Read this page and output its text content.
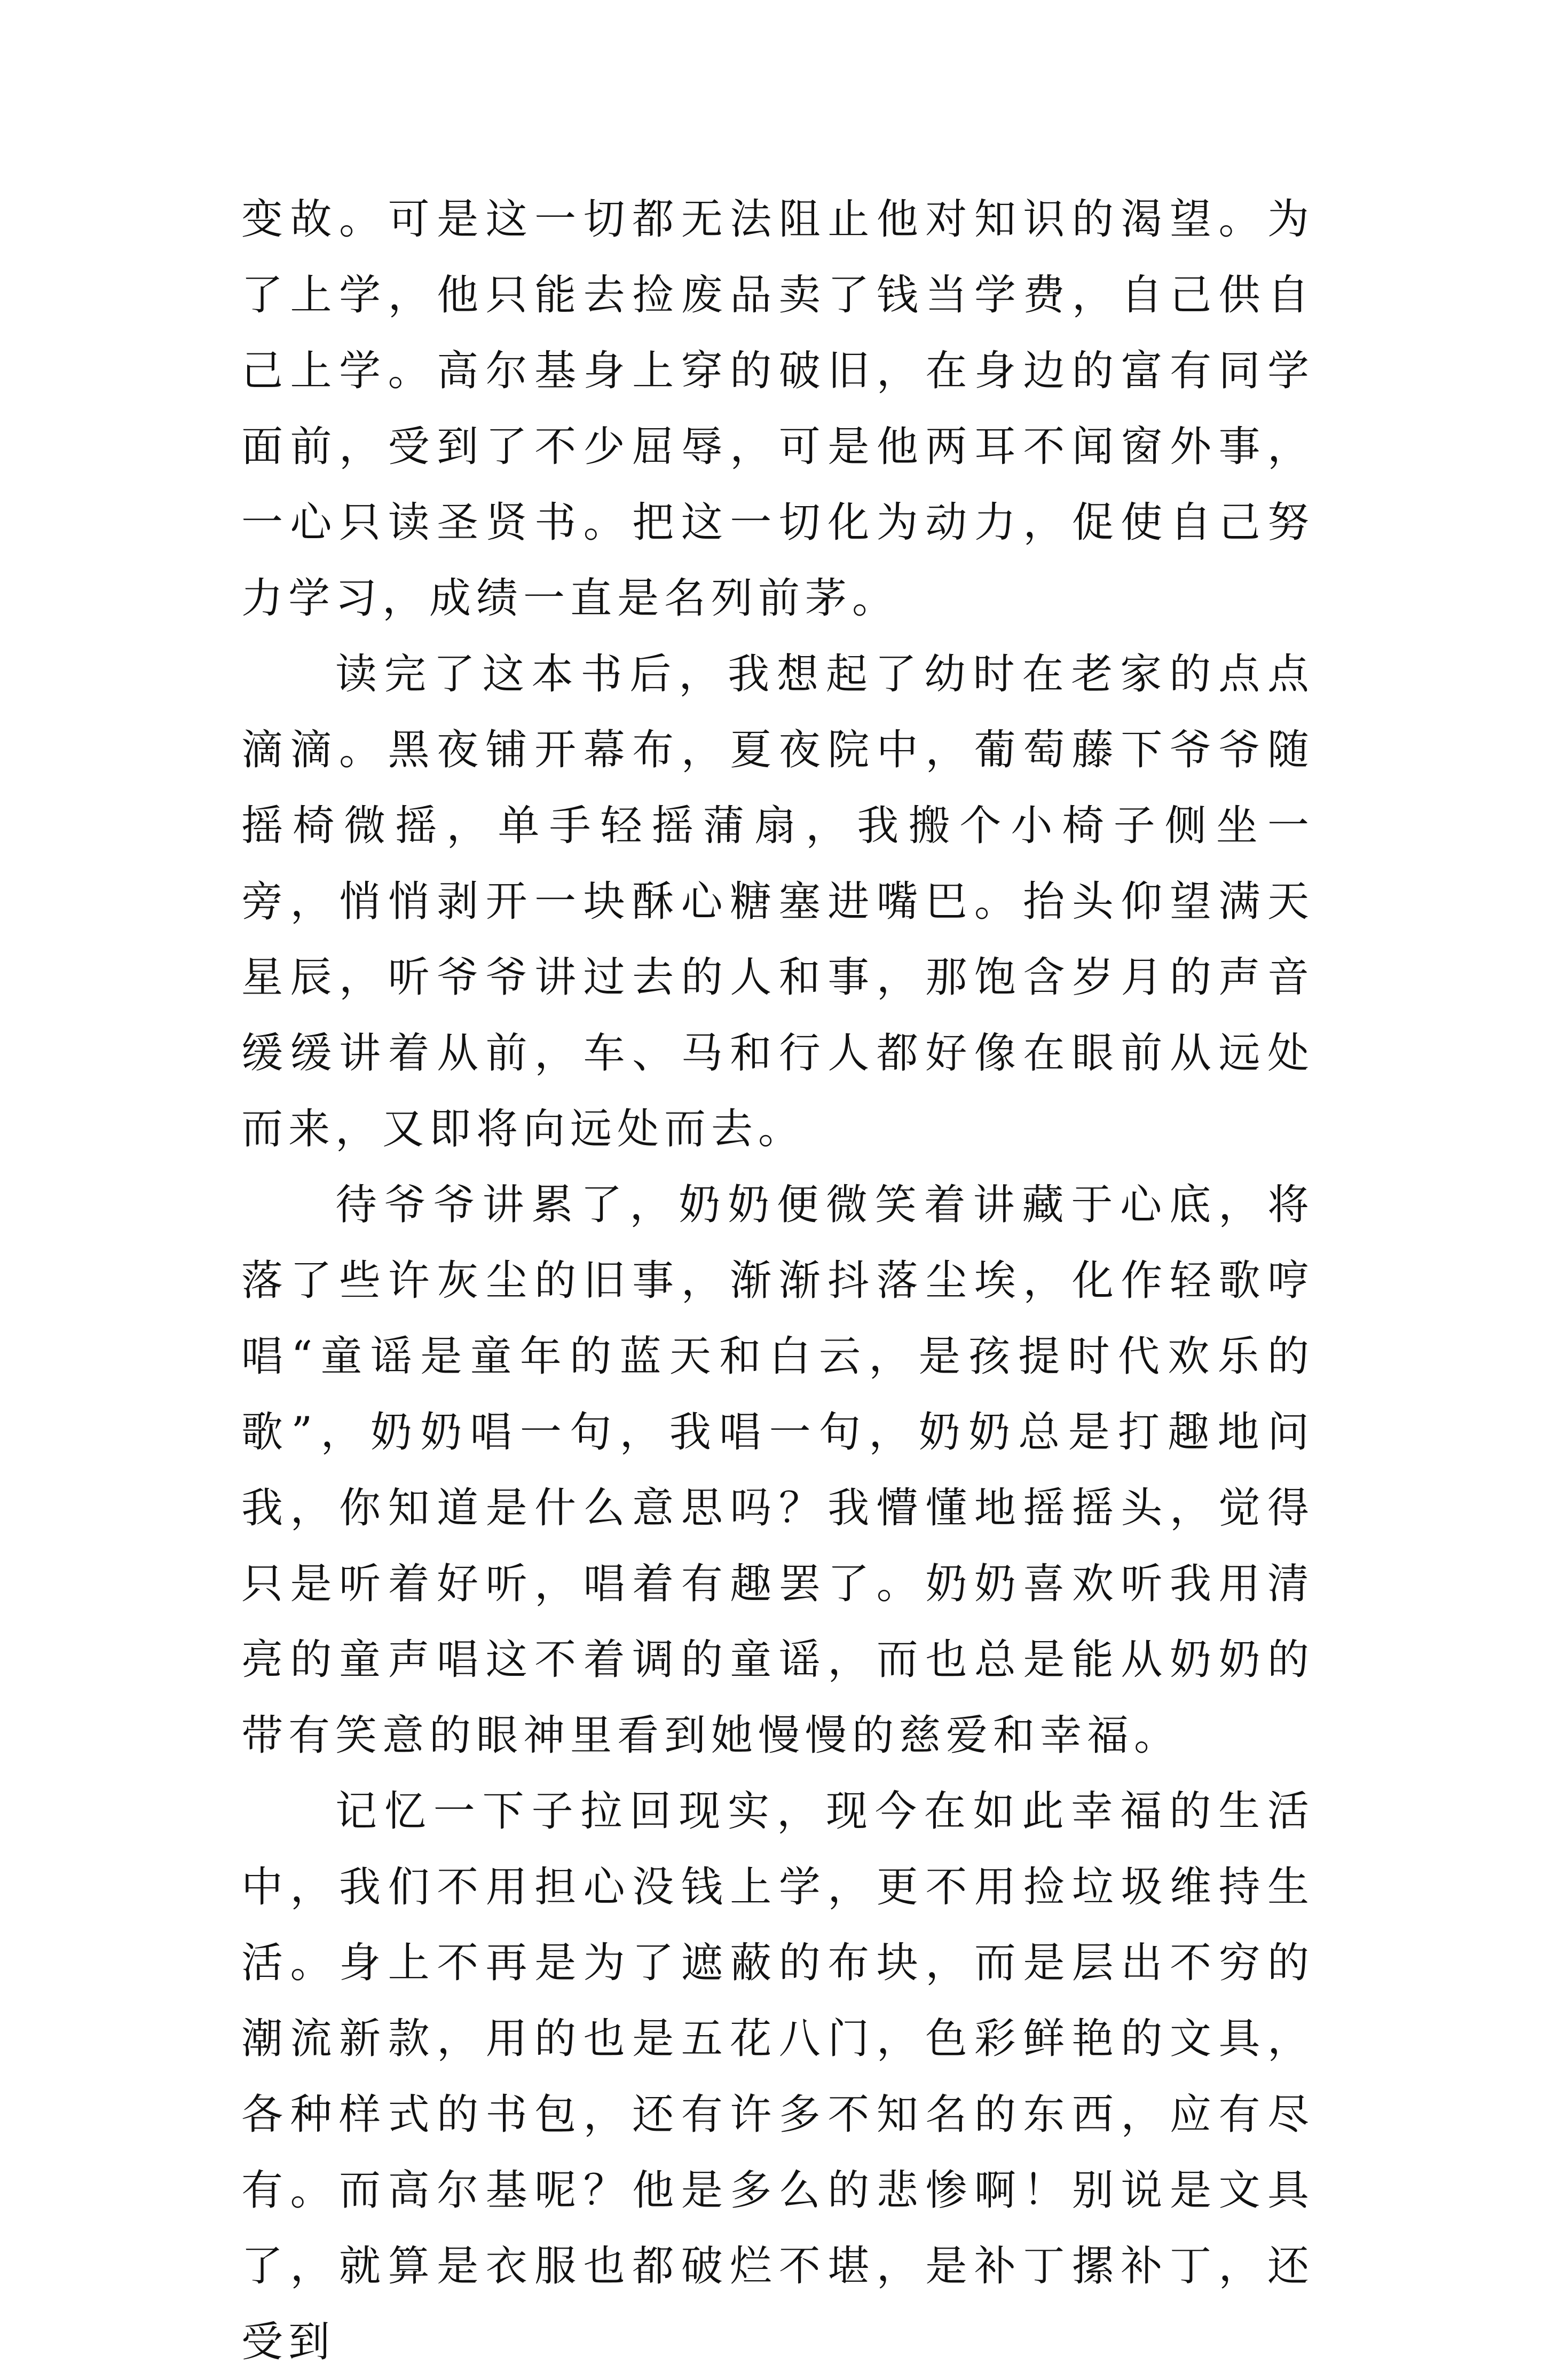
变故。可是这一切都无法阻止他对知识的渴望。为了上学，他只能去捡废品卖了钱当学费，自己供自己上学。高尔基身上穿的破旧，在身边的富有同学面前，受到了不少屈辱，可是他两耳不闻窗外事，一心只读圣贤书。把这一切化为动力，促使自己努力学习，成绩一直是名列前茅。

读完了这本书后，我想起了幼时在老家的点点滴滴。黑夜铺开幕布，夏夜院中，葡萄藤下爷爷随摇椅微摇，单手轻摇蒲扇，我搬个小椅子侧坐一旁，悄悄剥开一块酥心糖塞进嘴巴。抬头仰望满天星辰，听爷爷讲过去的人和事，那饱含岁月的声音缓缓讲着从前，车、马和行人都好像在眼前从远处而来，又即将向远处而去。

待爷爷讲累了，奶奶便微笑着讲藏于心底，将落了些许灰尘的旧事，渐渐抖落尘埃，化作轻歌哼唱“童谣是童年的蓝天和白云，是孩提时代欢乐的歌”，奶奶唱一句，我唱一句，奶奶总是打趣地问我，你知道是什么意思吗？我懵懂地摇摇头，觉得只是听着好听，唱着有趣罢了。奶奶喜欢听我用清亮的童声唱这不着调的童谣，而也总是能从奶奶的带有笑意的眼神里看到她慢慢的慈爱和幸福。

记忆一下子拉回现实，现今在如此幸福的生活中，我们不用担心没钱上学，更不用捡垃圾维持生活。身上不再是为了遮蔽的布块，而是层出不穷的潮流新款，用的也是五花八门，色彩鲜艳的文具，各种样式的书包，还有许多不知名的东西，应有尽有。而高尔基呢？他是多么的悲惨啊！别说是文具了，就算是衣服也都破烂不堪，是补丁摞补丁，还受到
